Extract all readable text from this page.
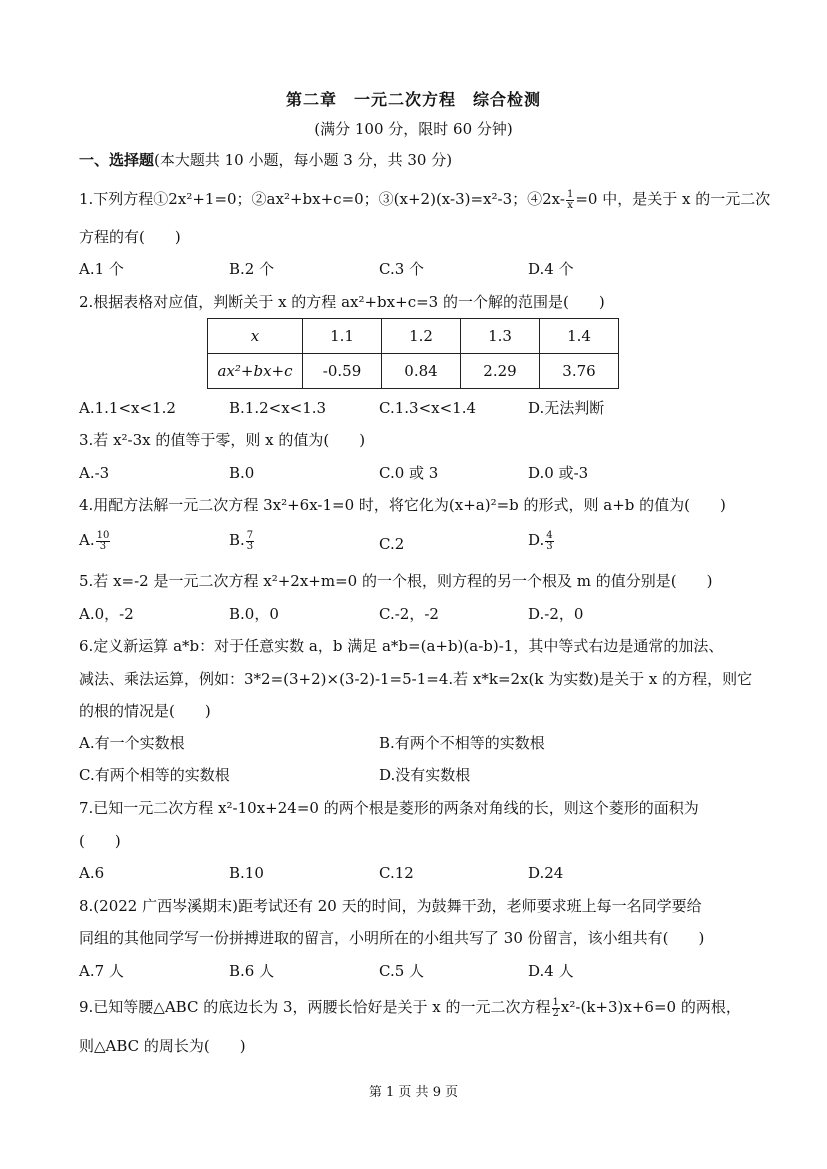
第二章　一元二次方程　综合检测
(满分 100 分，限时 60 分钟)
一、选择题(本大题共 10 小题，每小题 3 分，共 30 分)
1.下列方程①2x²+1=0；②ax²+bx+c=0；③(x+2)(x-3)=x²-3；④2x- $\frac{1}{x} =0$ 中，是关于 x 的一元二次
方程的有(　　)
A.1 个	B.2 个	C.3 个	D.4 个
2.根据表格对应值，判断关于 x 的方程 ax²+bx+c=3 的一个解的范围是(　　)
x	1.1	1.2	1.3	1.4
ax²+bx+c	-0.59	0.84	2.29	3.76
A.1.1<x<1.2	B.1.2<x<1.3	C.1.3<x<1.4	D.无法判断
3.若 x²-3x 的值等于零，则 x 的值为(　　)
A.-3	B.0	C.0 或 3	D.0 或-3
4.用配方法解一元二次方程 3x²+6x-1=0 时，将它化为(x+a)²=b 的形式，则 a+b 的值为(　　)
A. $\frac{10}{3}$	B. $\frac{7}{3}$	C.2	D. $\frac{4}{3}$
5.若 x=-2 是一元二次方程 x²+2x+m=0 的一个根，则方程的另一个根及 m 的值分别是(　　)
A.0，-2	B.0，0	C.-2，-2	D.-2，0
6.定义新运算 a*b：对于任意实数 a，b 满足 a*b=(a+b)(a-b)-1，其中等式右边是通常的加法、
减法、乘法运算，例如：3*2=(3+2)×(3-2)-1=5-1=4.若 x*k=2x(k 为实数)是关于 x 的方程，则它
的根的情况是(　　)
A.有一个实数根	B.有两个不相等的实数根
C.有两个相等的实数根	D.没有实数根
7.已知一元二次方程 x²-10x+24=0 的两个根是菱形的两条对角线的长，则这个菱形的面积为
(　　)
A.6	B.10	C.12	D.24
8.(2022 广西岑溪期末)距考试还有 20 天的时间，为鼓舞干劲，老师要求班上每一名同学要给
同组的其他同学写一份拼搏进取的留言，小明所在的小组共写了 30 份留言，该小组共有(　　)
A.7 人	B.6 人	C.5 人	D.4 人
9.已知等腰△ABC 的底边长为 3，两腰长恰好是关于 x 的一元二次方程 $\frac{1}{2} x^2-(k+3)x+6=0$ 的两根，
则△ABC 的周长为(　　)
第 1 页 共 9 页
